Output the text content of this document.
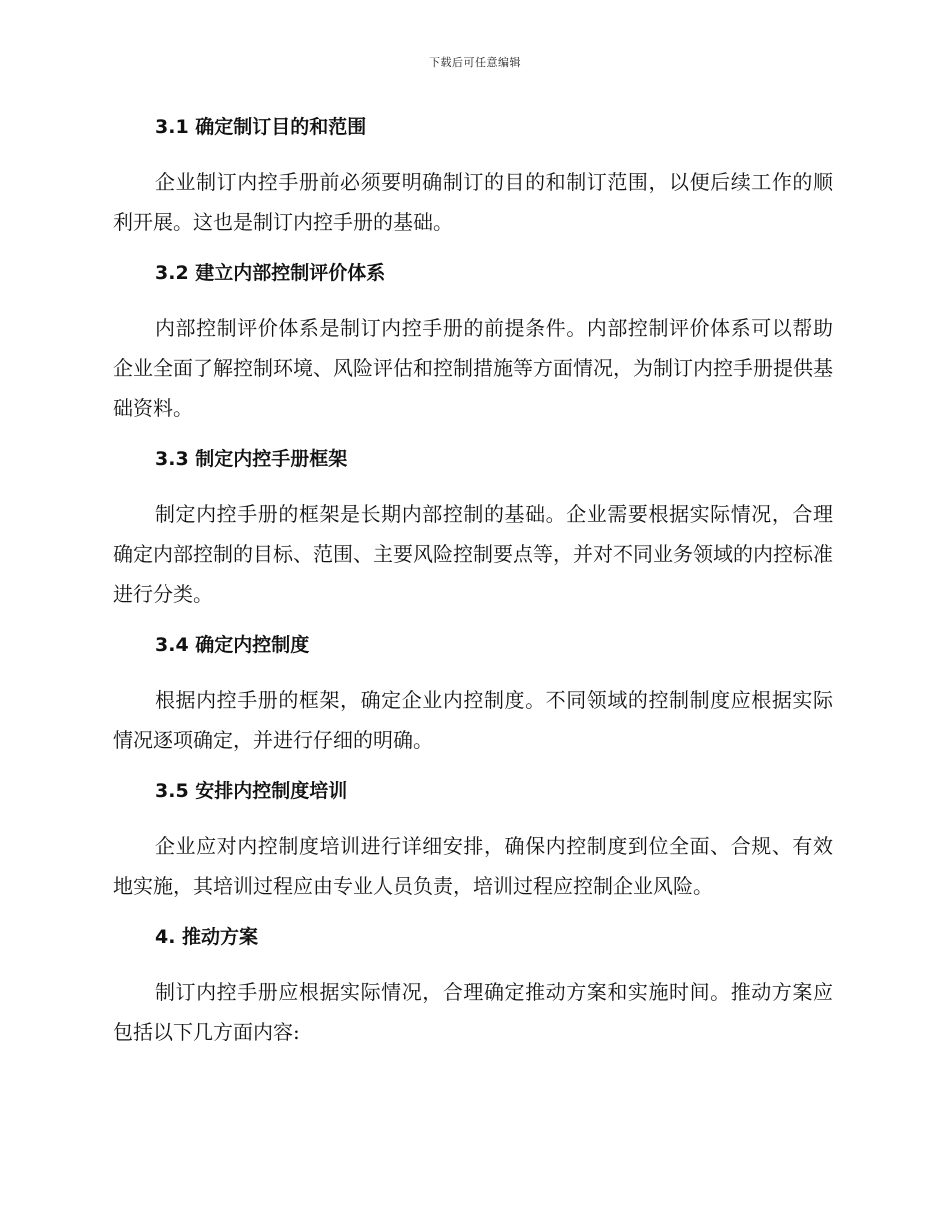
下载后可任意编辑
3.1 确定制订目的和范围

企业制订内控手册前必须要明确制订的目的和制订范围，以便后续工作的顺利开展。这也是制订内控手册的基础。

3.2 建立内部控制评价体系

内部控制评价体系是制订内控手册的前提条件。内部控制评价体系可以帮助企业全面了解控制环境、风险评估和控制措施等方面情况，为制订内控手册提供基础资料。

3.3 制定内控手册框架

制定内控手册的框架是长期内部控制的基础。企业需要根据实际情况，合理确定内部控制的目标、范围、主要风险控制要点等，并对不同业务领域的内控标准进行分类。

3.4 确定内控制度

根据内控手册的框架，确定企业内控制度。不同领域的控制制度应根据实际情况逐项确定，并进行仔细的明确。

3.5 安排内控制度培训

企业应对内控制度培训进行详细安排，确保内控制度到位全面、合规、有效地实施，其培训过程应由专业人员负责，培训过程应控制企业风险。

4. 推动方案

制订内控手册应根据实际情况，合理确定推动方案和实施时间。推动方案应包括以下几方面内容:
